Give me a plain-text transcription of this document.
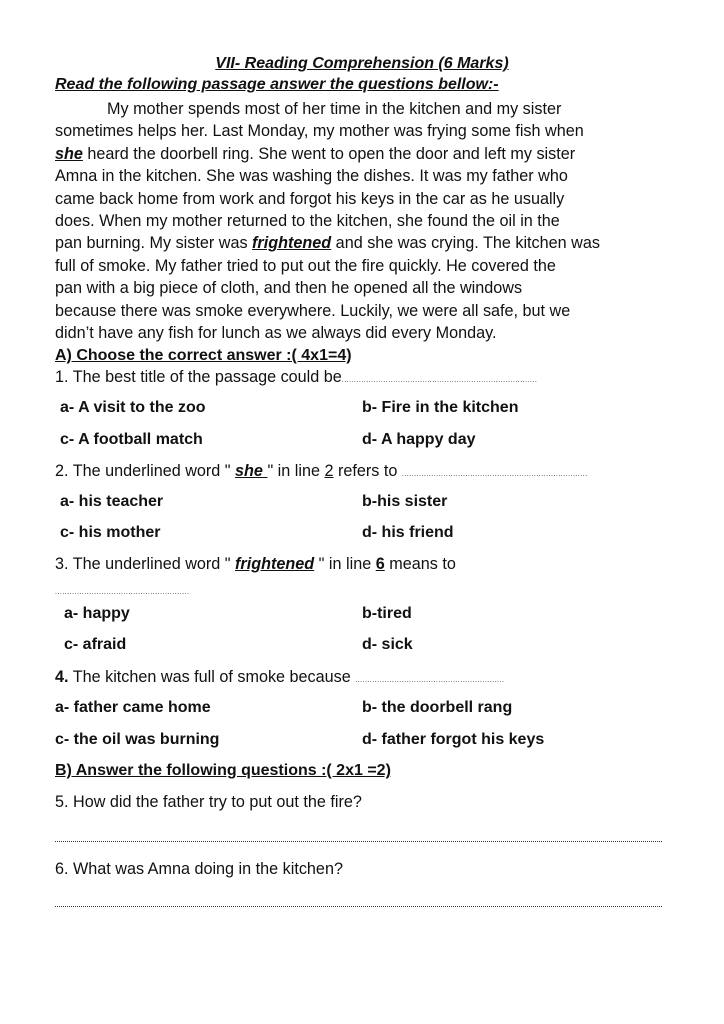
VII- Reading Comprehension (6 Marks)
Read the following passage answer the questions bellow:-
My mother spends most of her time in the kitchen and my sister
sometimes helps her. Last Monday, my mother was frying some fish when
she heard the doorbell ring. She went to open the door and left my sister
Amna in the kitchen. She was washing the dishes. It was my father who
came back home from work and forgot his keys in the car as he usually
does. When my mother returned to the kitchen, she found the oil in the
pan burning. My sister was frightened and she was crying. The kitchen was
full of smoke. My father tried to put out the fire quickly. He covered the
pan with a big piece of cloth, and then he opened all the windows
because there was smoke everywhere. Luckily, we were all safe, but we
didn’t have any fish for lunch as we always did every Monday.
A) Choose the correct answer :( 4x1=4)
1. The best title of the passage could be................................................................................
a- A visit to the zoo	b- Fire in the kitchen
c- A football match	d- A happy day
2. The underlined word " she " in line 2 refers to ............................................................................
a- his teacher	b-his sister
c- his mother	d- his friend
3. The underlined word " frightened " in line 6 means to
.......................................................
a- happy	b-tired
c- afraid	d- sick
4. The kitchen was full of smoke because .............................................................
a- father came home	b- the doorbell rang
c- the oil was burning	d- father forgot his keys
B) Answer the following questions :( 2x1 =2)
5. How did the father try to put out the fire?
6. What was Amna doing in the kitchen?
